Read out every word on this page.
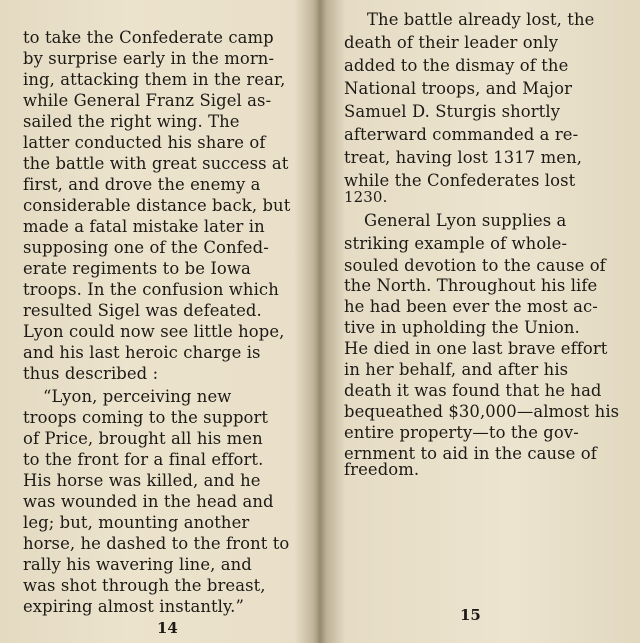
to take the Confederate camp
by surprise early in the morn-
ing, attacking them in the rear,
while General Franz Sigel as-
sailed the right wing. The
latter conducted his share of
the battle with great success at
first, and drove the enemy a
considerable distance back, but
made a fatal mistake later in
supposing one of the Confed-
erate regiments to be Iowa
troops. In the confusion which
resulted Sigel was defeated.
Lyon could now see little hope,
and his last heroic charge is
thus described :
“Lyon, perceiving new
troops coming to the support
of Price, brought all his men
to the front for a final effort.
His horse was killed, and he
was wounded in the head and
leg; but, mounting another
horse, he dashed to the front to
rally his wavering line, and
was shot through the breast,
expiring almost instantly.”
14
The battle already lost, the
death of their leader only
added to the dismay of the
National troops, and Major
Samuel D. Sturgis shortly
afterward commanded a re-
treat, having lost 1317 men,
while the Confederates lost
1230.
General Lyon supplies a
striking example of whole-
souled devotion to the cause of
the North. Throughout his life
he had been ever the most ac-
tive in upholding the Union.
He died in one last brave effort
in her behalf, and after his
death it was found that he had
bequeathed $30,000—almost his
entire property—to the gov-
ernment to aid in the cause of
freedom.
15
